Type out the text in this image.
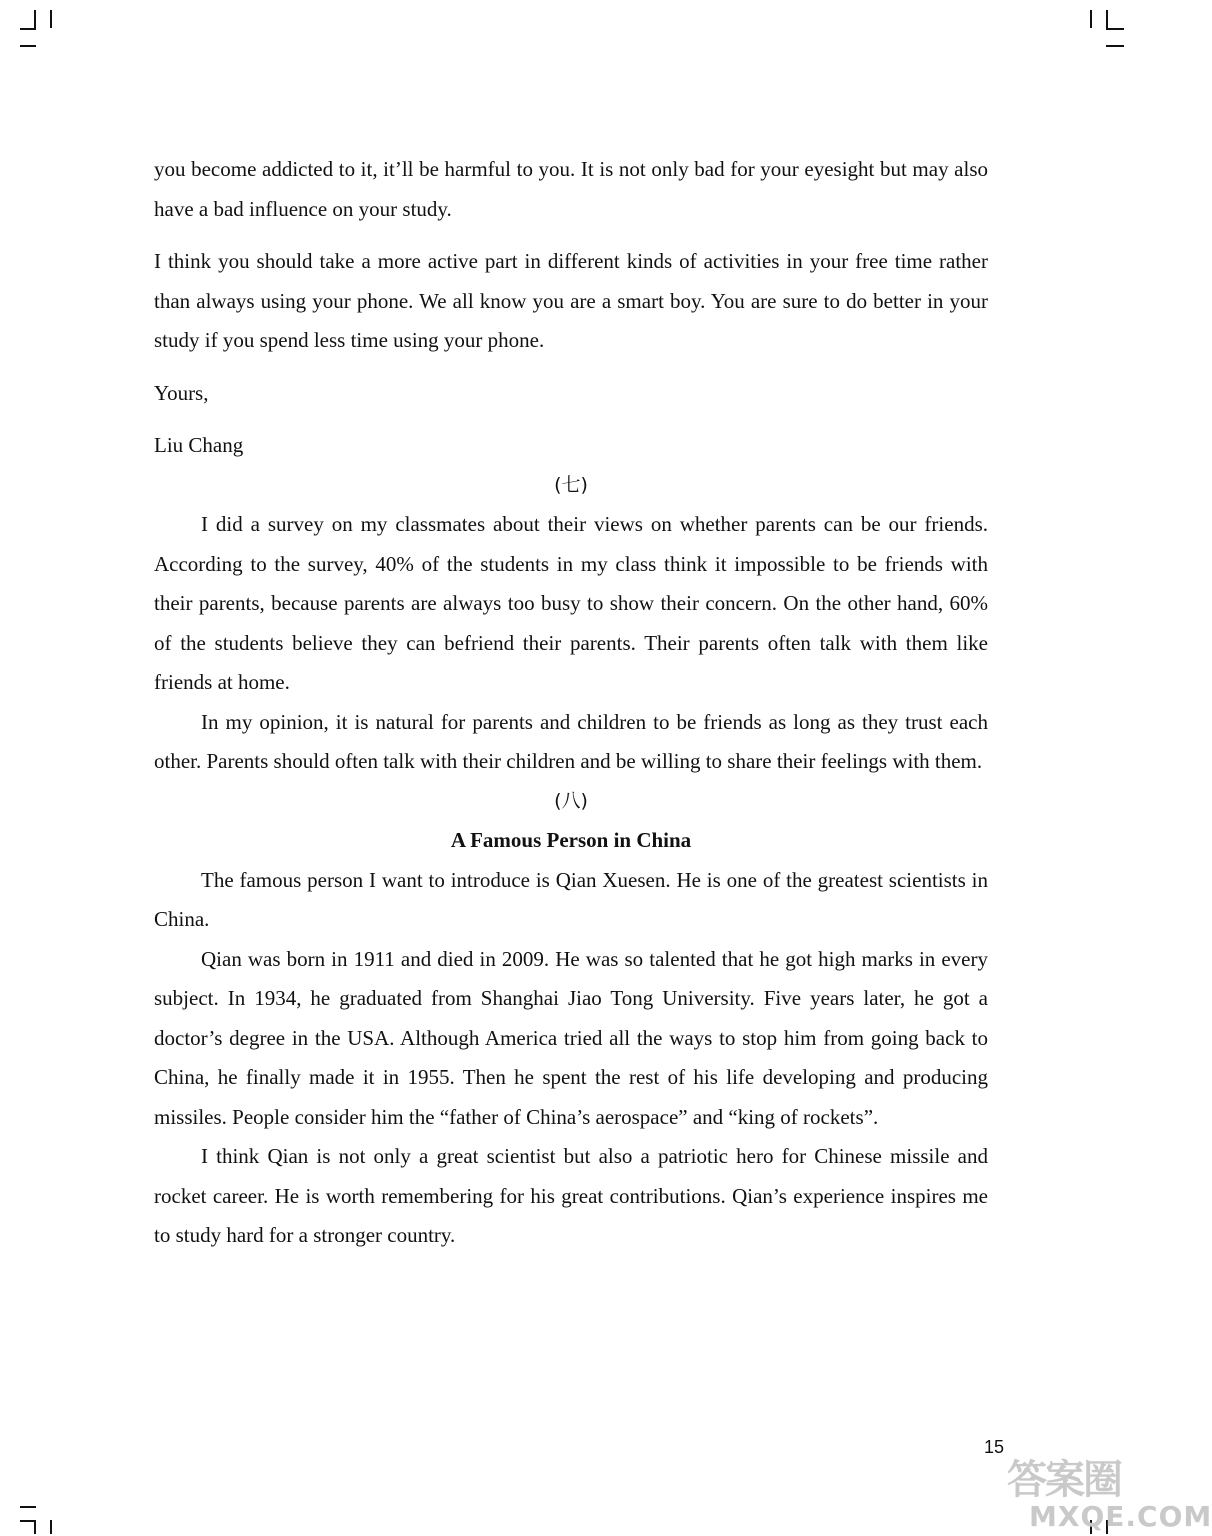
you become addicted to it, it’ll be harmful to you. It is not only bad for your eyesight but may also have a bad influence on your study.

I think you should take a more active part in different kinds of activities in your free time rather than always using your phone. We all know you are a smart boy. You are sure to do better in your study if you spend less time using your phone.

Yours,

Liu Chang

(七)

I did a survey on my classmates about their views on whether parents can be our friends. According to the survey, 40% of the students in my class think it impossible to be friends with their parents, because parents are always too busy to show their concern. On the other hand, 60% of the students believe they can befriend their parents. Their parents often talk with them like friends at home.

In my opinion, it is natural for parents and children to be friends as long as they trust each other. Parents should often talk with their children and be willing to share their feelings with them.

(八)

A Famous Person in China

The famous person I want to introduce is Qian Xuesen. He is one of the greatest scientists in China.

Qian was born in 1911 and died in 2009. He was so talented that he got high marks in every subject. In 1934, he graduated from Shanghai Jiao Tong University. Five years later, he got a doctor’s degree in the USA. Although America tried all the ways to stop him from going back to China, he finally made it in 1955. Then he spent the rest of his life developing and producing missiles. People consider him the “father of China’s aerospace” and “king of rockets”.

I think Qian is not only a great scientist but also a patriotic hero for Chinese missile and rocket career. He is worth remembering for his great contributions. Qian’s experience inspires me to study hard for a stronger country.

15
答案圈
MXQE.COM
